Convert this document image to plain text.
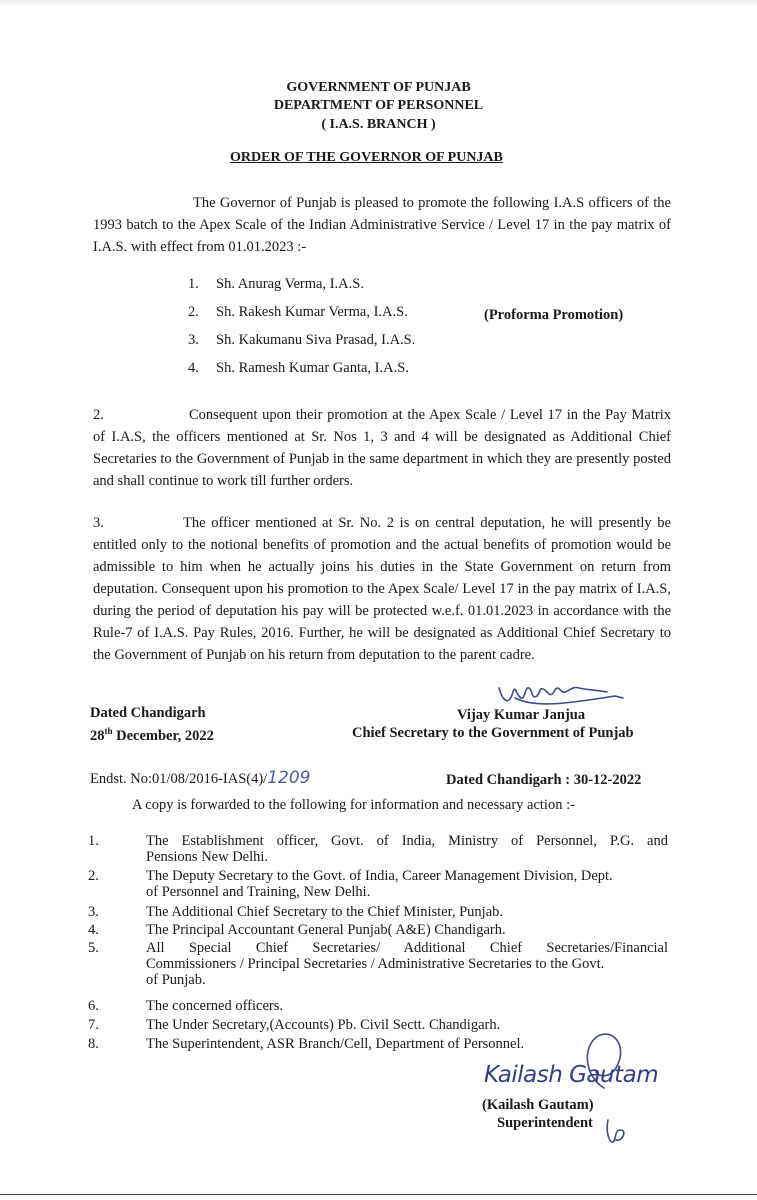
GOVERNMENT OF PUNJAB
DEPARTMENT OF PERSONNEL
( I.A.S. BRANCH )
ORDER OF THE GOVERNOR OF PUNJAB
The Governor of Punjab is pleased to promote the following I.A.S officers of the 1993 batch to the Apex Scale of the Indian Administrative Service / Level 17 in the pay matrix of I.A.S. with effect from 01.01.2023 :-
1. Sh. Anurag Verma, I.A.S.
2. Sh. Rakesh Kumar Verma, I.A.S.
3. Sh. Kakumanu Siva Prasad, I.A.S.
4. Sh. Ramesh Kumar Ganta, I.A.S.
(Proforma Promotion)
2.	Consequent upon their promotion at the Apex Scale / Level 17 in the Pay Matrix of I.A.S, the officers mentioned at Sr. Nos 1, 3 and 4 will be designated as Additional Chief Secretaries to the Government of Punjab in the same department in which they are presently posted and shall continue to work till further orders.
3.	The officer mentioned at Sr. No. 2 is on central deputation, he will presently be entitled only to the notional benefits of promotion and the actual benefits of promotion would be admissible to him when he actually joins his duties in the State Government on return from deputation. Consequent upon his promotion to the Apex Scale/ Level 17 in the pay matrix of I.A.S, during the period of deputation his pay will be protected w.e.f. 01.01.2023 in accordance with the Rule-7 of I.A.S. Pay Rules, 2016. Further, he will be designated as Additional Chief Secretary to the Government of Punjab on his return from deputation to the parent cadre.
Dated Chandigarh
28th December, 2022
Vijay Kumar Janjua
Chief Secretary to the Government of Punjab
Endst. No:01/08/2016-IAS(4)/1209	Dated Chandigarh : 30-12-2022
A copy is forwarded to the following for information and necessary action :-
1.	The Establishment officer, Govt. of India, Ministry of Personnel, P.G. and
Pensions New Delhi.
2.	The Deputy Secretary to the Govt. of India, Career Management Division, Dept.
of Personnel and Training, New Delhi.
3.	The Additional Chief Secretary to the Chief Minister, Punjab.
4.	The Principal Accountant General Punjab( A&E) Chandigarh.
5.	All Special Chief Secretaries/ Additional Chief Secretaries/Financial
Commissioners / Principal Secretaries / Administrative Secretaries to the Govt.
of Punjab.
6.	The concerned officers.
7.	The Under Secretary,(Accounts) Pb. Civil Sectt. Chandigarh.
8.	The Superintendent, ASR Branch/Cell, Department of Personnel.
Kailash Gautam
(Kailash Gautam)
Superintendent
